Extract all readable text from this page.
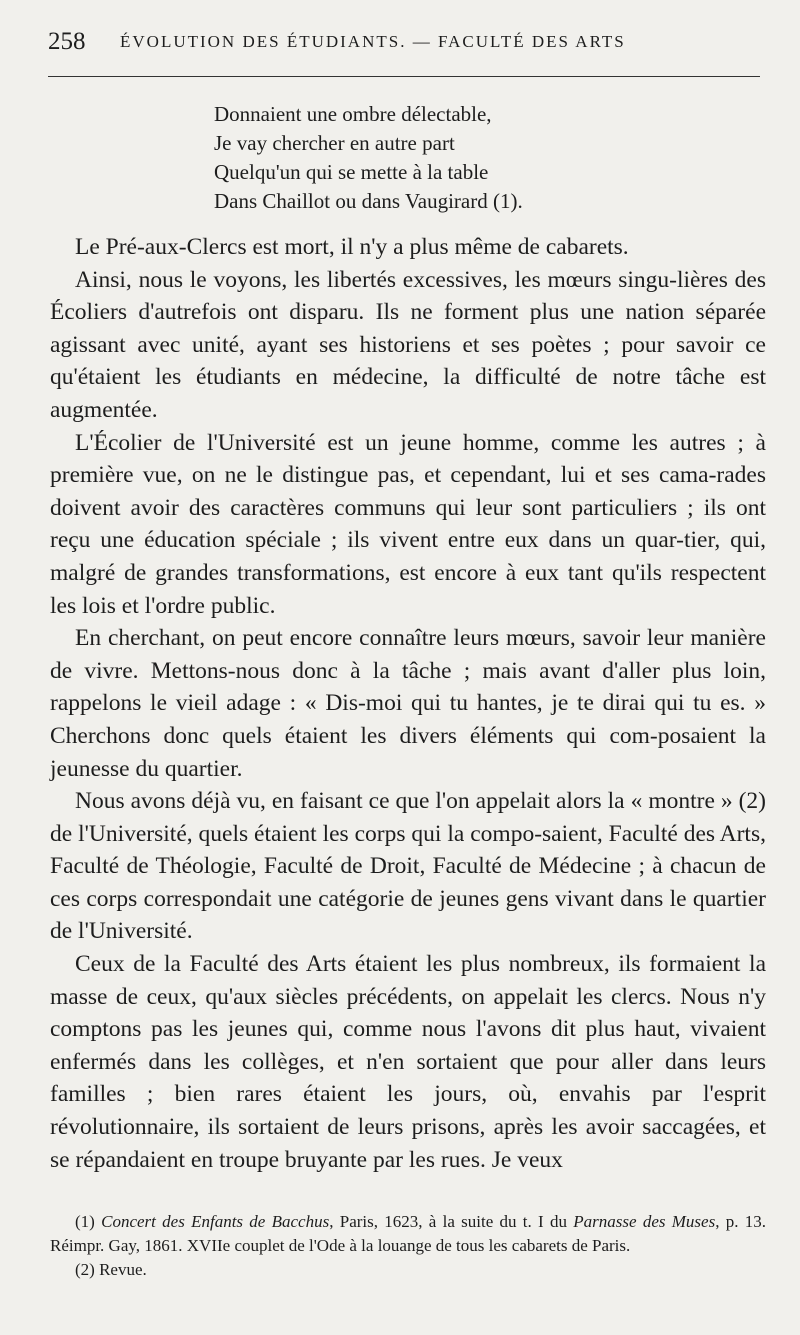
258 ÉVOLUTION DES ÉTUDIANTS. — FACULTÉ DES ARTS
Donnaient une ombre délectable,
Je vay chercher en autre part
Quelqu'un qui se mette à la table
Dans Chaillot ou dans Vaugirard (1).

Le Pré-aux-Clercs est mort, il n'y a plus même de cabarets.

Ainsi, nous le voyons, les libertés excessives, les mœurs singu-lières des Écoliers d'autrefois ont disparu. Ils ne forment plus une nation séparée agissant avec unité, ayant ses historiens et ses poètes ; pour savoir ce qu'étaient les étudiants en médecine, la difficulté de notre tâche est augmentée.

L'Écolier de l'Université est un jeune homme, comme les autres ; à première vue, on ne le distingue pas, et cependant, lui et ses cama-rades doivent avoir des caractères communs qui leur sont particuliers ; ils ont reçu une éducation spéciale ; ils vivent entre eux dans un quar-tier, qui, malgré de grandes transformations, est encore à eux tant qu'ils respectent les lois et l'ordre public.

En cherchant, on peut encore connaître leurs mœurs, savoir leur manière de vivre. Mettons-nous donc à la tâche ; mais avant d'aller plus loin, rappelons le vieil adage : « Dis-moi qui tu hantes, je te dirai qui tu es. » Cherchons donc quels étaient les divers éléments qui com-posaient la jeunesse du quartier.

Nous avons déjà vu, en faisant ce que l'on appelait alors la « montre » (2) de l'Université, quels étaient les corps qui la compo-saient, Faculté des Arts, Faculté de Théologie, Faculté de Droit, Faculté de Médecine ; à chacun de ces corps correspondait une catégorie de jeunes gens vivant dans le quartier de l'Université.

Ceux de la Faculté des Arts étaient les plus nombreux, ils formaient la masse de ceux, qu'aux siècles précédents, on appelait les clercs. Nous n'y comptons pas les jeunes qui, comme nous l'avons dit plus haut, vivaient enfermés dans les collèges, et n'en sortaient que pour aller dans leurs familles ; bien rares étaient les jours, où, envahis par l'esprit révolutionnaire, ils sortaient de leurs prisons, après les avoir saccagées, et se répandaient en troupe bruyante par les rues. Je veux

(1) Concert des Enfants de Bacchus, Paris, 1623, à la suite du t. I du Parnasse des Muses, p. 13. Réimpr. Gay, 1861. XVIIe couplet de l'Ode à la louange de tous les cabarets de Paris.

(2) Revue.
